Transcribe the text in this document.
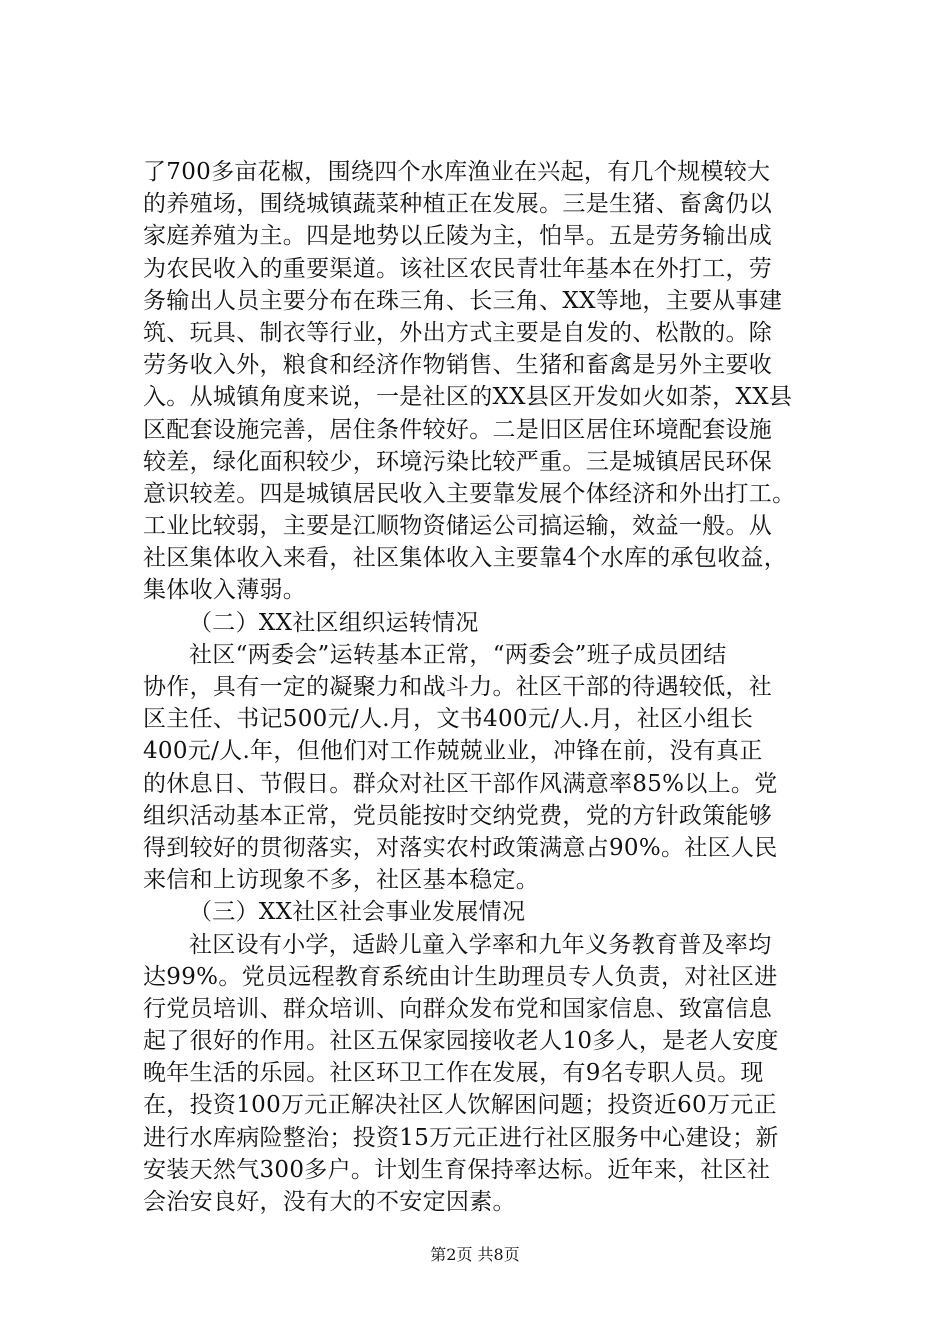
了700多亩花椒，围绕四个水库渔业在兴起，有几个规模较大
的养殖场，围绕城镇蔬菜种植正在发展。三是生猪、畜禽仍以
家庭养殖为主。四是地势以丘陵为主，怕旱。五是劳务输出成
为农民收入的重要渠道。该社区农民青壮年基本在外打工，劳
务输出人员主要分布在珠三角、长三角、XX等地，主要从事建
筑、玩具、制衣等行业，外出方式主要是自发的、松散的。除
劳务收入外，粮食和经济作物销售、生猪和畜禽是另外主要收
入。从城镇角度来说，一是社区的XX县区开发如火如荼，XX县
区配套设施完善，居住条件较好。二是旧区居住环境配套设施
较差，绿化面积较少，环境污染比较严重。三是城镇居民环保
意识较差。四是城镇居民收入主要靠发展个体经济和外出打工。
工业比较弱，主要是江顺物资储运公司搞运输，效益一般。从
社区集体收入来看，社区集体收入主要靠4个水库的承包收益，
集体收入薄弱。
（二）XX社区组织运转情况
社区“两委会”运转基本正常，“两委会”班子成员团结
协作，具有一定的凝聚力和战斗力。社区干部的待遇较低，社
区主任、书记500元/人.月，文书400元/人.月，社区小组长
400元/人.年，但他们对工作兢兢业业，冲锋在前，没有真正
的休息日、节假日。群众对社区干部作风满意率85%以上。党
组织活动基本正常，党员能按时交纳党费，党的方针政策能够
得到较好的贯彻落实，对落实农村政策满意占90%。社区人民
来信和上访现象不多，社区基本稳定。
（三）XX社区社会事业发展情况
社区设有小学，适龄儿童入学率和九年义务教育普及率均
达99%。党员远程教育系统由计生助理员专人负责，对社区进
行党员培训、群众培训、向群众发布党和国家信息、致富信息
起了很好的作用。社区五保家园接收老人10多人，是老人安度
晚年生活的乐园。社区环卫工作在发展，有9名专职人员。现
在，投资100万元正解决社区人饮解困问题；投资近60万元正
进行水库病险整治；投资15万元正进行社区服务中心建设；新
安装天然气300多户。计划生育保持率达标。近年来，社区社
会治安良好，没有大的不安定因素。
第2页 共8页
